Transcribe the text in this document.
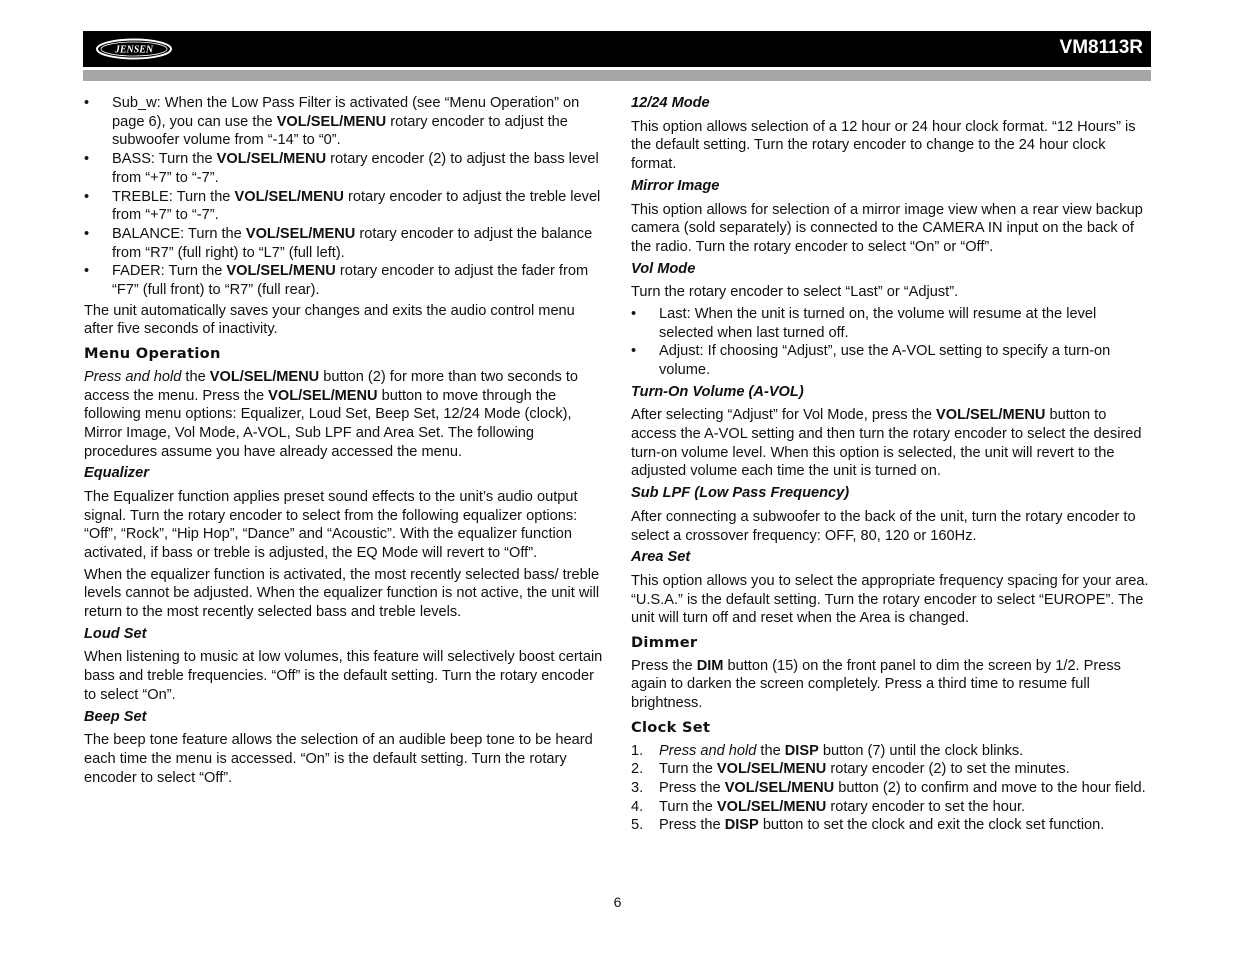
JENSEN	VM8113R
• Sub_w: When the Low Pass Filter is activated (see “Menu Operation” on page 6), you can use the VOL/SEL/MENU rotary encoder to adjust the subwoofer volume from “-14” to “0”.
• BASS: Turn the VOL/SEL/MENU rotary encoder (2) to adjust the bass level from “+7” to “-7”.
• TREBLE: Turn the VOL/SEL/MENU rotary encoder to adjust the treble level from “+7” to “-7”.
• BALANCE: Turn the VOL/SEL/MENU rotary encoder to adjust the balance from “R7” (full right) to “L7” (full left).
• FADER: Turn the VOL/SEL/MENU rotary encoder to adjust the fader from “F7” (full front) to “R7” (full rear).

The unit automatically saves your changes and exits the audio control menu after five seconds of inactivity.

Menu Operation

Press and hold the VOL/SEL/MENU button (2) for more than two seconds to access the menu. Press the VOL/SEL/MENU button to move through the following menu options: Equalizer, Loud Set, Beep Set, 12/24 Mode (clock), Mirror Image, Vol Mode, A-VOL, Sub LPF and Area Set. The following procedures assume you have already accessed the menu.

Equalizer

The Equalizer function applies preset sound effects to the unit’s audio output signal. Turn the rotary encoder to select from the following equalizer options: “Off”, “Rock”, “Hip Hop”, “Dance” and “Acoustic”. With the equalizer function activated, if bass or treble is adjusted, the EQ Mode will revert to “Off”.

When the equalizer function is activated, the most recently selected bass/ treble levels cannot be adjusted. When the equalizer function is not active, the unit will return to the most recently selected bass and treble levels.

Loud Set

When listening to music at low volumes, this feature will selectively boost certain bass and treble frequencies. “Off” is the default setting. Turn the rotary encoder to select “On”.

Beep Set

The beep tone feature allows the selection of an audible beep tone to be heard each time the menu is accessed. “On” is the default setting. Turn the rotary encoder to select “Off”.

12/24 Mode

This option allows selection of a 12 hour or 24 hour clock format. “12 Hours” is the default setting. Turn the rotary encoder to change to the 24 hour clock format.

Mirror Image

This option allows for selection of a mirror image view when a rear view backup camera (sold separately) is connected to the CAMERA IN input on the back of the radio. Turn the rotary encoder to select “On” or “Off”.

Vol Mode

Turn the rotary encoder to select “Last” or “Adjust”.

• Last: When the unit is turned on, the volume will resume at the level selected when last turned off.
• Adjust: If choosing “Adjust”, use the A-VOL setting to specify a turn-on volume.
Turn-On Volume (A-VOL)

After selecting “Adjust” for Vol Mode, press the VOL/SEL/MENU button to access the A-VOL setting and then turn the rotary encoder to select the desired turn-on volume level. When this option is selected, the unit will revert to the adjusted volume each time the unit is turned on.

Sub LPF (Low Pass Frequency)

After connecting a subwoofer to the back of the unit, turn the rotary encoder to select a crossover frequency: OFF, 80, 120 or 160Hz.

Area Set

This option allows you to select the appropriate frequency spacing for your area. “U.S.A.” is the default setting. Turn the rotary encoder to select “EUROPE”. The unit will turn off and reset when the Area is changed.

Dimmer

Press the DIM button (15) on the front panel to dim the screen by 1/2. Press again to darken the screen completely. Press a third time to resume full brightness.

Clock Set
1. Press and hold the DISP button (7) until the clock blinks.
2. Turn the VOL/SEL/MENU rotary encoder (2) to set the minutes.
3. Press the VOL/SEL/MENU button (2) to confirm and move to the hour field.
4. Turn the VOL/SEL/MENU rotary encoder to set the hour.
5. Press the DISP button to set the clock and exit the clock set function.
6
